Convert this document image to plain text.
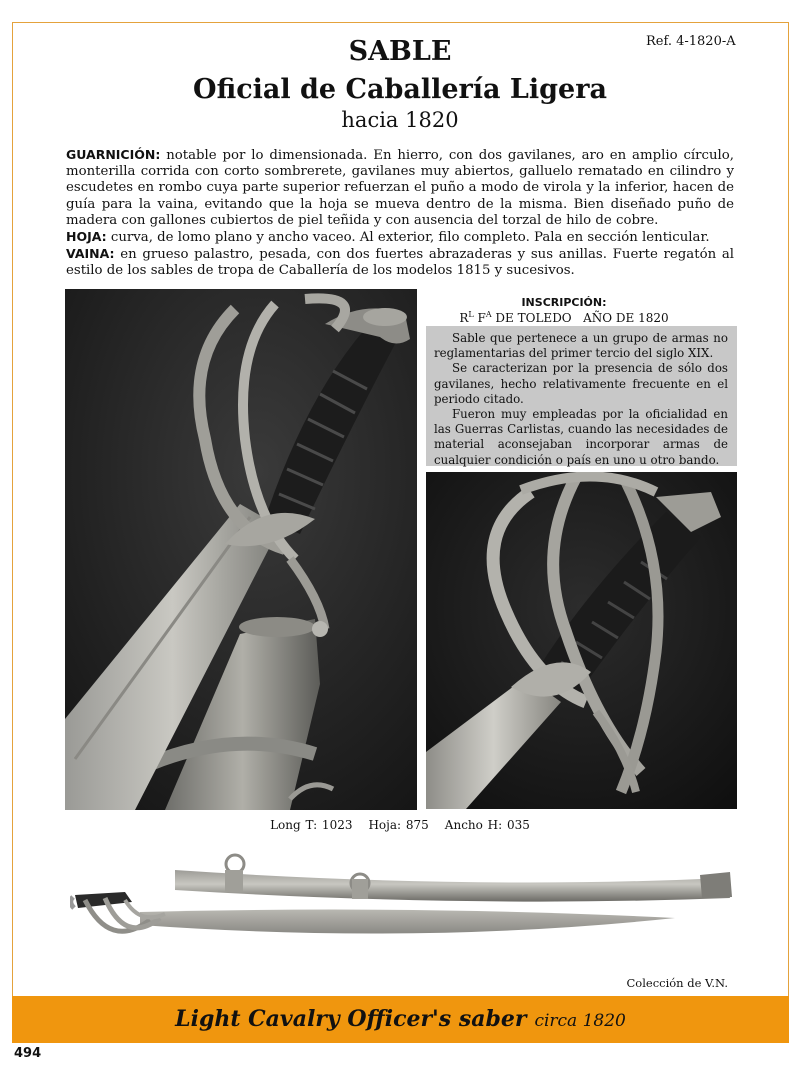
Ref. 4-1820-A
SABLE
Oficial de Caballería Ligera
hacia 1820

GUARNICIÓN: notable por lo dimensionada. En hierro, con dos gavilanes, aro en amplio círculo, monterilla corrida con corto sombrerete, gavilanes muy abiertos, galluelo rematado en cilindro y escudetes en rombo cuya parte superior refuerzan el puño a modo de virola y la inferior, hacen de guía para la vaina, evitando que la hoja se mueva dentro de la misma. Bien diseñado puño de madera con gallones cubiertos de piel teñida y con ausencia del torzal de hilo de cobre.

HOJA: curva, de lomo plano y ancho vaceo. Al exterior, filo completo. Pala en sección lenticular.

VAINA: en grueso palastro, pesada, con dos fuertes abrazaderas y sus anillas. Fuerte regatón al estilo de los sables de tropa de Caballería de los modelos 1815 y sucesivos.

INSCRIPCIÓN:
$R^L$ $F^A$ DE TOLEDO   AÑO DE 1820

Sable que pertenece a un grupo de armas no reglamentarias del primer tercio del siglo XIX.

Se caracterizan por la presencia de sólo dos gavilanes, hecho relativamente frecuente en el periodo citado.

Fueron muy empleadas por la oficialidad en las Guerras Carlistas, cuando las necesidades de material aconsejaban incorporar armas de cualquier condición o país en uno u otro bando.

Long T: 1023 Hoja: 875 Ancho H: 035
Colección de V.N.
Light Cavalry Officer's saber circa 1820
494
